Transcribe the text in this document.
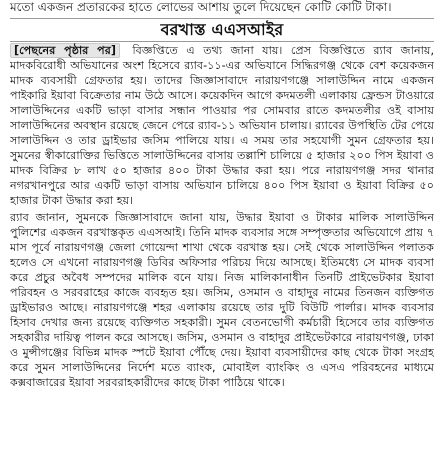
মতো একজন প্রতারকের হাতে লোভের আশায় তুলে দিয়েছেন কোটি কোটি টাকা।
বরখাস্ত এএসআইর

[পেছনের পৃষ্ঠার পর] বিজ্ঞপ্তিতে এ তথ্য জানা যায়। প্রেস বিজ্ঞপ্তিতে র‍্যাব জানায়, মাদকবিরোধী অভিযানের অংশ হিসেবে র‍্যাব-১১-এর অভিযানে সিদ্ধিরগঞ্জ থেকে বেশ কয়েকজন মাদক ব্যবসায়ী গ্রেফতার হয়। তাদের জিজ্ঞাসাবাদে নারায়ণগঞ্জে সালাউদ্দিন নামে একজন পাইকারি ইয়াবা বিক্রেতার নাম উঠে আসে। কয়েকদিন আগে কদমতলী এলাকায় ফ্রেন্ডস টাওয়ারে সালাউদ্দিনের একটি ভাড়া বাসার সন্ধান পাওয়ার পর সোমবার রাতে কদমতলীর ওই বাসায় সালাউদ্দিনের অবস্থান রয়েছে জেনে পেরে র‍্যাব-১১ অভিযান চালায়। র‍্যাবের উপস্থিতি টের পেয়ে সালাউদ্দিন ও তার ড্রাইভার জসিম পালিয়ে যায়। এ সময় তার সহযোগী সুমন গ্রেফতার হয়। সুমনের স্বীকারোক্তির ভিত্তিতে সালাউদ্দিনের বাসায় তল্লাশি চালিয়ে ৫ হাজার ২০০ পিস ইয়াবা ও মাদক বিক্রির ৮ লাখ ৫০ হাজার ৪০০ টাকা উদ্ধার করা হয়। পরে নারায়ণগঞ্জ সদর থানার নগরখানপুরে আর একটি ভাড়া বাসায় অভিযান চালিয়ে ৪০০ পিস ইয়াবা ও ইয়াবা বিক্রির ৫০ হাজার টাকা উদ্ধার করা হয়।

র‍্যাব জানান, সুমনকে জিজ্ঞাসাবাদে জানা যায়, উদ্ধার ইয়াবা ও টাকার মালিক সালাউদ্দিন পুলিশের একজন বরখাস্তকৃত এএসআই। তিনি মাদক ব্যবসার সঙ্গে সম্পৃক্ততার অভিযোগে প্রায় ৭ মাস পূর্বে নারায়ণগঞ্জ জেলা গোয়েন্দা শাখা থেকে বরখাস্ত হয়। সেই থেকে সালাউদ্দিন পলাতক হলেও সে এখনো নারায়ণগঞ্জ ডিবির অফিসার পরিচয় দিয়ে আসছে। ইতিমধ্যে সে মাদক ব্যবসা করে প্রচুর অবৈধ সম্পদের মালিক বনে যায়। নিজ মালিকানাধীন তিনটি প্রাইভেটকার ইয়াবা পরিবহন ও সরবরাহের কাজে ব্যবহৃত হয়। জসিম, ওসমান ও বাহাদুর নামের তিনজন ব্যক্তিগত ড্রাইভারও আছে। নারায়ণগঞ্জে শহর এলাকায় রয়েছে তার দুটি বিউটি পার্লার। মাদক ব্যবসার হিসাব দেখার জন্য রয়েছে ব্যক্তিগত সহকারী। সুমন বেতনভোগী কর্মচারী হিসেবে তার ব্যক্তিগত সহকারীর দায়িত্ব পালন করে আসছে। জসিম, ওসমান ও বাহাদুর প্রাইভেটকারে নারায়ণগঞ্জ, ঢাকা ও মুন্সীগঞ্জের বিভিন্ন মাদক স্পটে ইয়াবা পৌঁছে দেয়। ইয়াবা ব্যবসায়ীদের কাছ থেকে টাকা সংগ্রহ করে সুমন সালাউদ্দিনের নির্দেশ মতে ব্যাংক, মোবাইল ব্যাংকিং ও এসএ পরিবহনের মাধ্যমে কক্সবাজারের ইয়াবা সরবরাহকারীদের কাছে টাকা পাঠিয়ে থাকে।
